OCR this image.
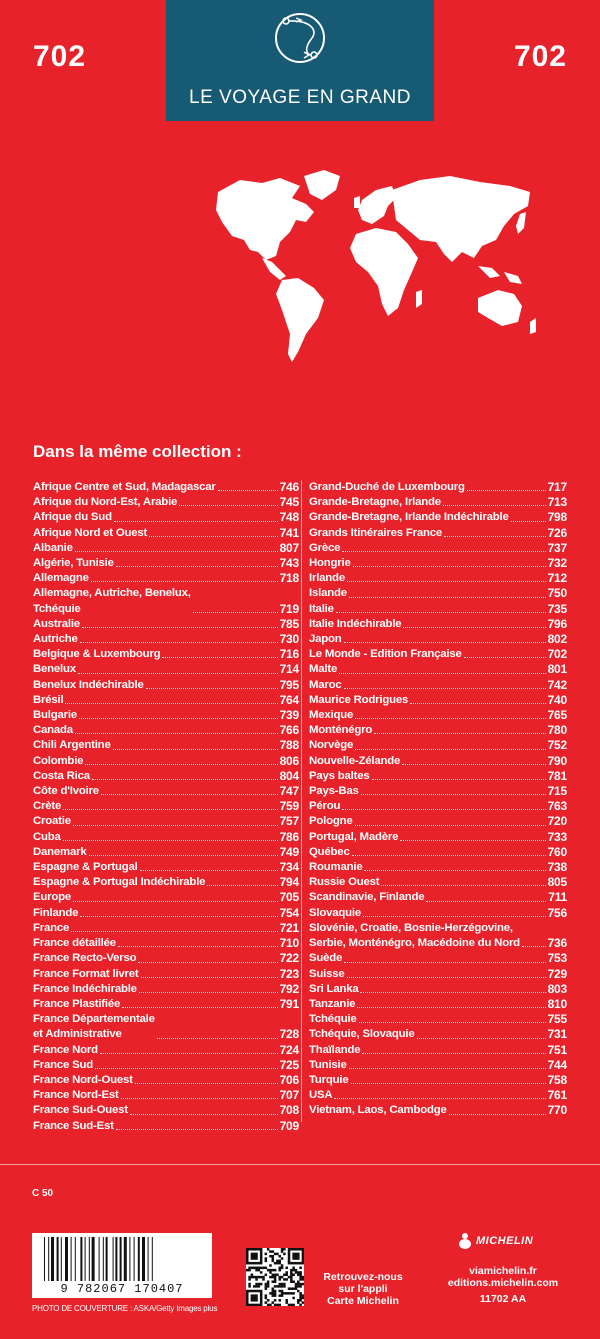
702	702
LE VOYAGE EN GRAND
Dans la même collection :
Afrique Centre et Sud, Madagascar	746
Afrique du Nord-Est, Arabie	745
Afrique du Sud	748
Afrique Nord et Ouest	741
Albanie	807
Algérie, Tunisie	743
Allemagne	718
Allemagne, Autriche, Benelux,
Tchéquie	719
Australie	785
Autriche	730
Belgique & Luxembourg	716
Benelux	714
Benelux Indéchirable	795
Brésil	764
Bulgarie	739
Canada	766
Chili Argentine	788
Colombie	806
Costa Rica	804
Côte d'Ivoire	747
Crète	759
Croatie	757
Cuba	786
Danemark	749
Espagne & Portugal	734
Espagne & Portugal Indéchirable	794
Europe	705
Finlande	754
France	721
France détaillée	710
France Recto-Verso	722
France Format livret	723
France Indéchirable	792
France Plastifiée	791
France Départementale
et Administrative	728
France Nord	724
France Sud	725
France Nord-Ouest	706
France Nord-Est	707
France Sud-Ouest	708
France Sud-Est	709
Grand-Duché de Luxembourg	717
Grande-Bretagne, Irlande	713
Grande-Bretagne, Irlande Indéchirable	798
Grands Itinéraires France	726
Grèce	737
Hongrie	732
Irlande	712
Islande	750
Italie	735
Italie Indéchirable	796
Japon	802
Le Monde - Edition Française	702
Malte	801
Maroc	742
Maurice Rodrigues	740
Mexique	765
Monténégro	780
Norvège	752
Nouvelle-Zélande	790
Pays baltes	781
Pays-Bas	715
Pérou	763
Pologne	720
Portugal, Madère	733
Québec	760
Roumanie	738
Russie Ouest	805
Scandinavie, Finlande	711
Slovaquie	756
Slovénie, Croatie, Bosnie-Herzégovine,
Serbie, Monténégro, Macédoine du Nord 736
Suède	753
Suisse	729
Sri Lanka	803
Tanzanie	810
Tchéquie	755
Tchéquie, Slovaquie	731
Thaïlande	751
Tunisie	744
Turquie	758
USA	761
Vietnam, Laos, Cambodge	770
C 50
9 782067 170407
PHOTO DE COUVERTURE : ASKA/Getty Images plus
Retrouvez-nous
sur l'appli
Carte Michelin
MICHELIN
viamichelin.fr
editions.michelin.com
11702 AA
